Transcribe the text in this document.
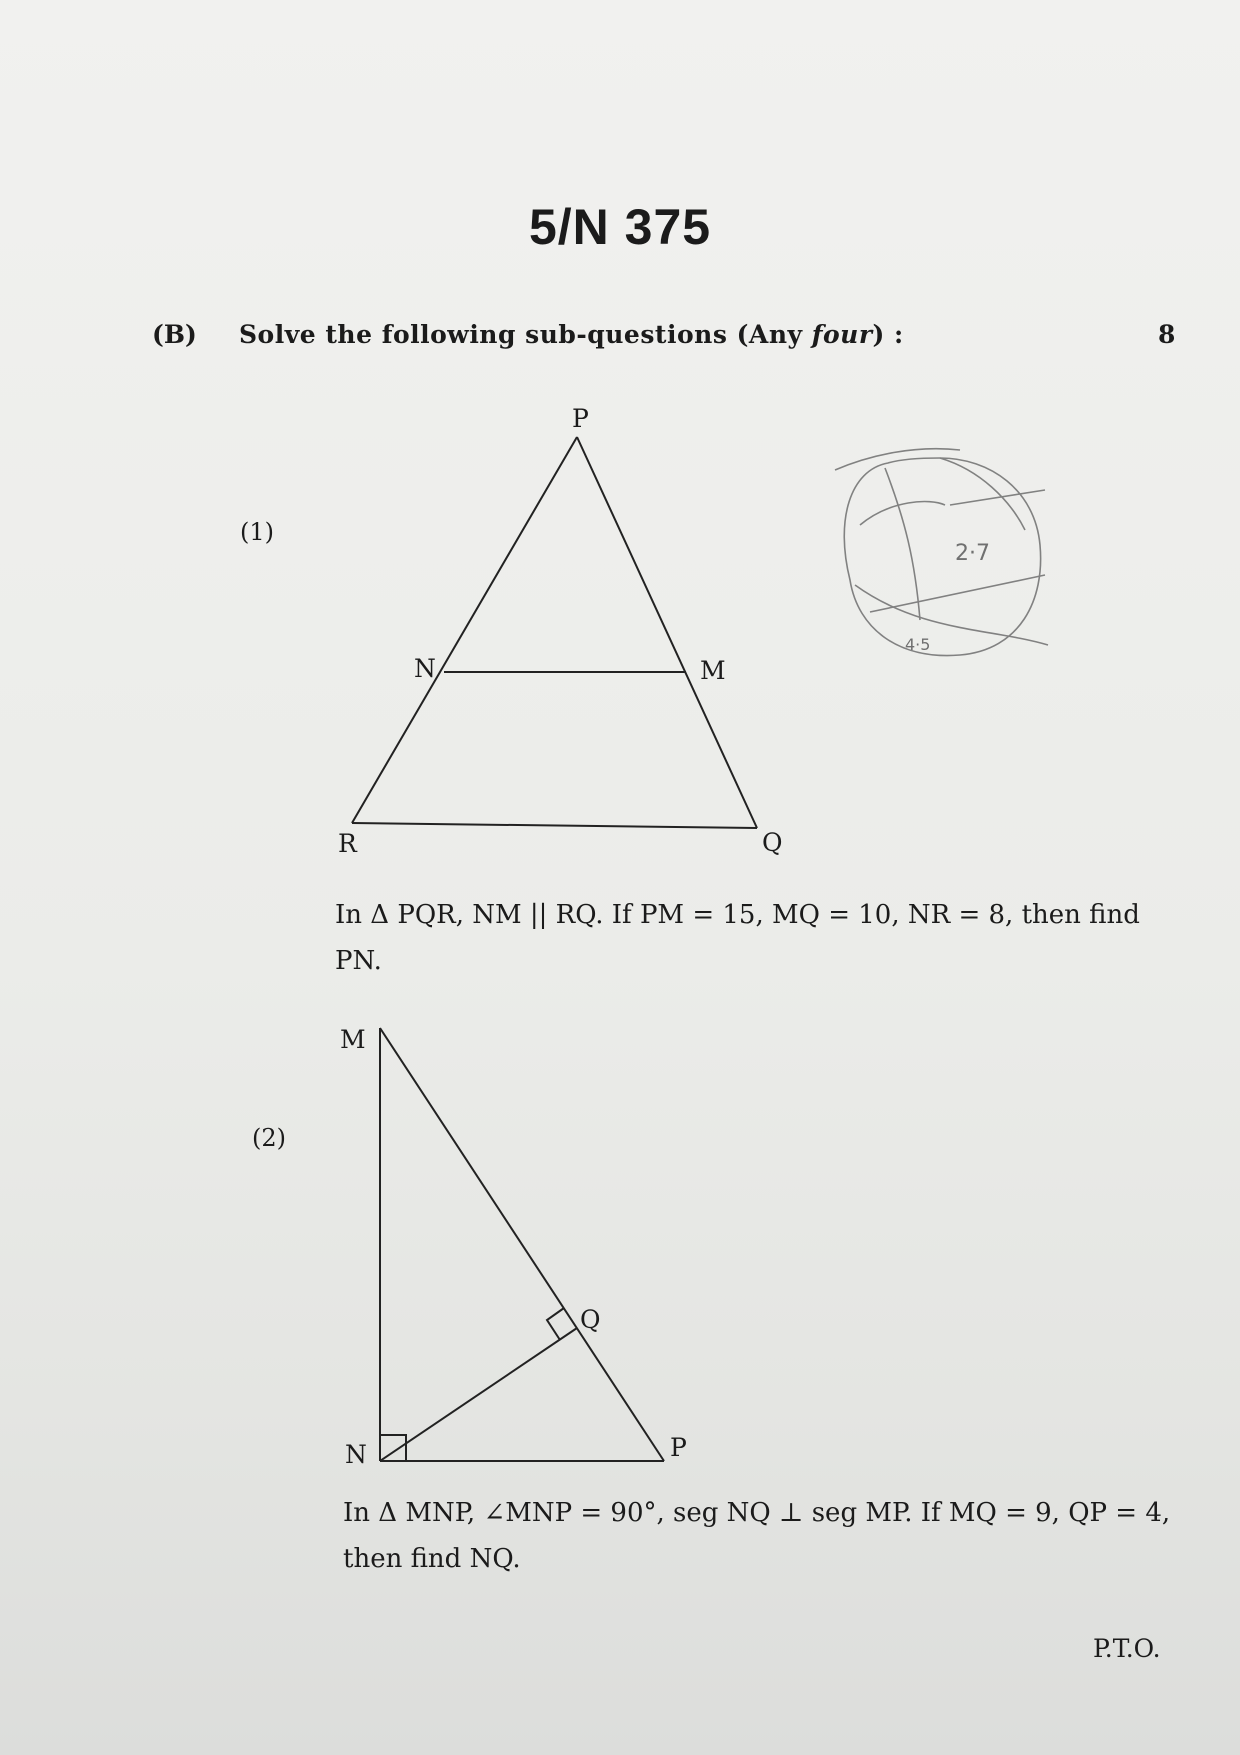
5/N 375
(B) Solve the following sub-questions (Any four) :	8
(1)
(2)
P
N	M
R	Q
2·7
4·5
M
N	P
Q
In Δ PQR, NM || RQ. If PM = 15, MQ = 10, NR = 8, then find PN.
In Δ MNP, ∠MNP = 90°, seg NQ ⊥ seg MP. If MQ = 9, QP = 4, then find NQ.
P.T.O.
